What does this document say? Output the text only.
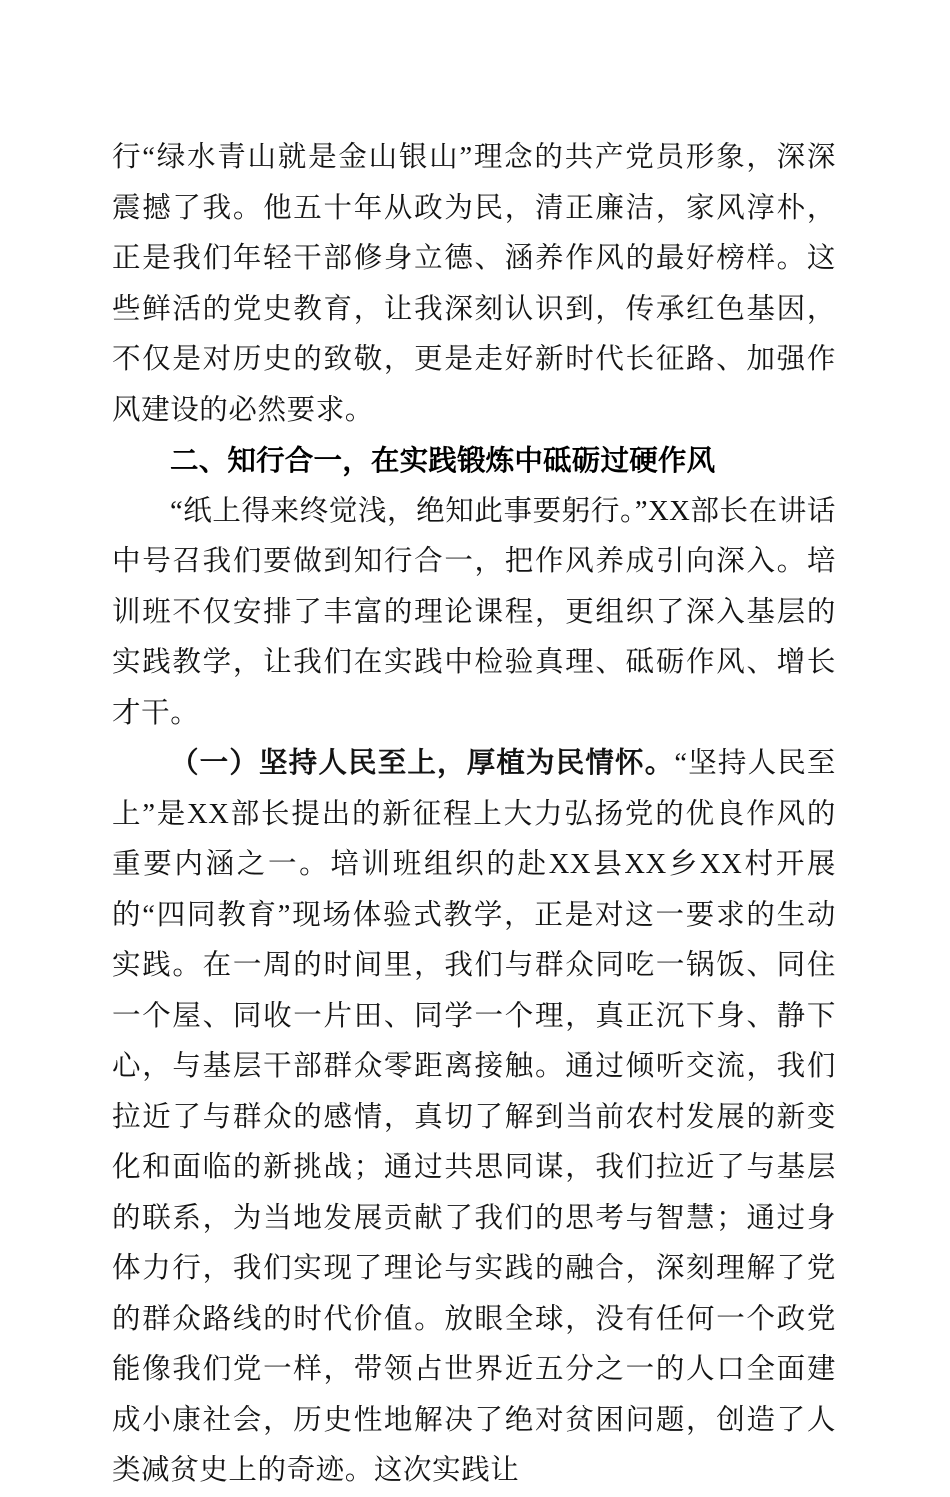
行“绿水青山就是金山银山”理念的共产党员形象，深深震撼了我。他五十年从政为民，清正廉洁，家风淳朴，正是我们年轻干部修身立德、涵养作风的最好榜样。这些鲜活的党史教育，让我深刻认识到，传承红色基因，不仅是对历史的致敬，更是走好新时代长征路、加强作风建设的必然要求。

二、知行合一，在实践锻炼中砥砺过硬作风

“纸上得来终觉浅，绝知此事要躬行。”XX部长在讲话中号召我们要做到知行合一，把作风养成引向深入。培训班不仅安排了丰富的理论课程，更组织了深入基层的实践教学，让我们在实践中检验真理、砥砺作风、增长才干。

（一）坚持人民至上，厚植为民情怀。“坚持人民至上”是XX部长提出的新征程上大力弘扬党的优良作风的重要内涵之一。培训班组织的赴XX县XX乡XX村开展的“四同教育”现场体验式教学，正是对这一要求的生动实践。在一周的时间里，我们与群众同吃一锅饭、同住一个屋、同收一片田、同学一个理，真正沉下身、静下心，与基层干部群众零距离接触。通过倾听交流，我们拉近了与群众的感情，真切了解到当前农村发展的新变化和面临的新挑战；通过共思同谋，我们拉近了与基层的联系，为当地发展贡献了我们的思考与智慧；通过身体力行，我们实现了理论与实践的融合，深刻理解了党的群众路线的时代价值。放眼全球，没有任何一个政党能像我们党一样，带领占世界近五分之一的人口全面建成小康社会，历史性地解决了绝对贫困问题，创造了人类减贫史上的奇迹。这次实践让
